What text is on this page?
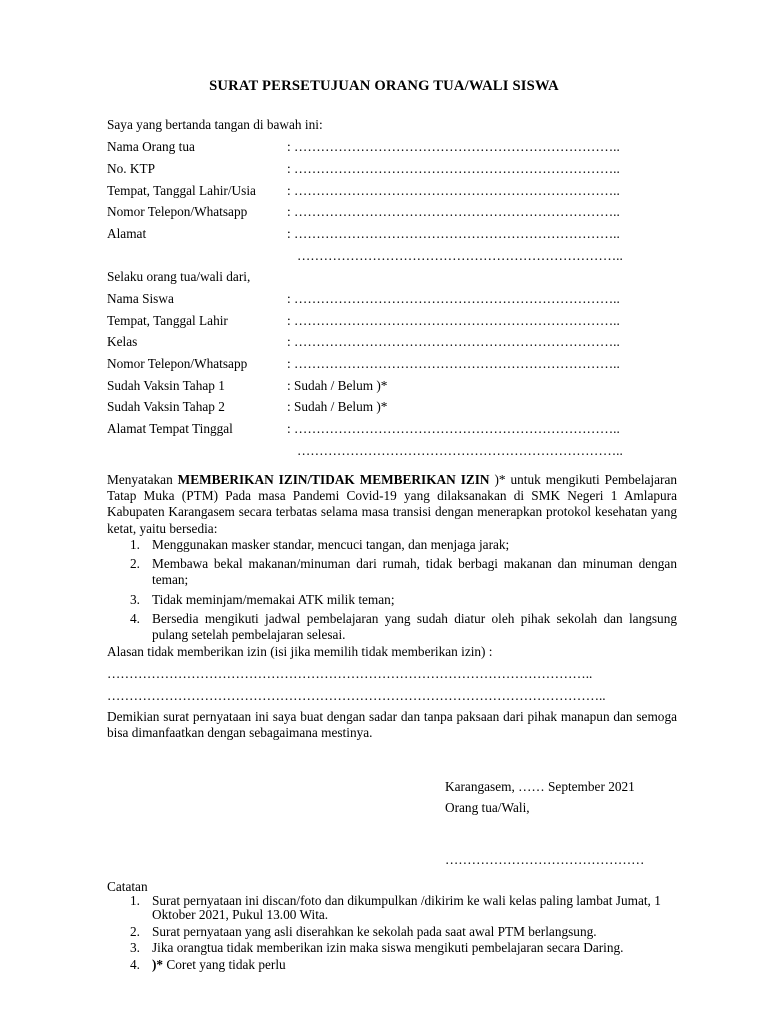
SURAT PERSETUJUAN ORANG TUA/WALI SISWA
Saya yang bertanda tangan di bawah ini:
Nama Orang tua	: ………………………………………………………………..
No. KTP	: ………………………………………………………………..
Tempat, Tanggal Lahir/Usia : ………………………………………………………………..
Nomor Telepon/Whatsapp	: ………………………………………………………………..
Alamat	: ………………………………………………………………..
………………………………………………………………..
Selaku orang tua/wali dari,
Nama Siswa	: ………………………………………………………………..
Tempat, Tanggal Lahir	: ………………………………………………………………..
Kelas	: ………………………………………………………………..
Nomor Telepon/Whatsapp	: ………………………………………………………………..
Sudah Vaksin Tahap 1	: Sudah / Belum )*
Sudah Vaksin Tahap 2	: Sudah / Belum )*
Alamat Tempat Tinggal	: ………………………………………………………………..
………………………………………………………………..
Menyatakan MEMBERIKAN IZIN/TIDAK MEMBERIKAN IZIN )* untuk mengikuti Pembelajaran Tatap Muka (PTM) Pada masa Pandemi Covid-19 yang dilaksanakan di SMK Negeri 1 Amlapura Kabupaten Karangasem secara terbatas selama masa transisi dengan menerapkan protokol kesehatan yang ketat, yaitu bersedia:
1. Menggunakan masker standar, mencuci tangan, dan menjaga jarak;
2. Membawa bekal makanan/minuman dari rumah, tidak berbagi makanan dan minuman dengan teman;
3. Tidak meminjam/memakai ATK milik teman;
4. Bersedia mengikuti jadwal pembelajaran yang sudah diatur oleh pihak sekolah dan langsung pulang setelah pembelajaran selesai.
Alasan tidak memberikan izin (isi jika memilih tidak memberikan izin) :
………………………………………………………………………………………………..
…………………………………………………………………………………………………..
Demikian surat pernyataan ini saya buat dengan sadar dan tanpa paksaan dari pihak manapun dan semoga bisa dimanfaatkan dengan sebagaimana mestinya.
Karangasem, …… September 2021
Orang tua/Wali,
………………………………………
Catatan
1. Surat pernyataan ini discan/foto dan dikumpulkan /dikirim ke wali kelas paling lambat Jumat, 1 Oktober 2021, Pukul 13.00 Wita.
2. Surat pernyataan yang asli diserahkan ke sekolah pada saat awal PTM berlangsung.
3. Jika orangtua tidak memberikan izin maka siswa mengikuti pembelajaran secara Daring.
4. )* Coret yang tidak perlu
